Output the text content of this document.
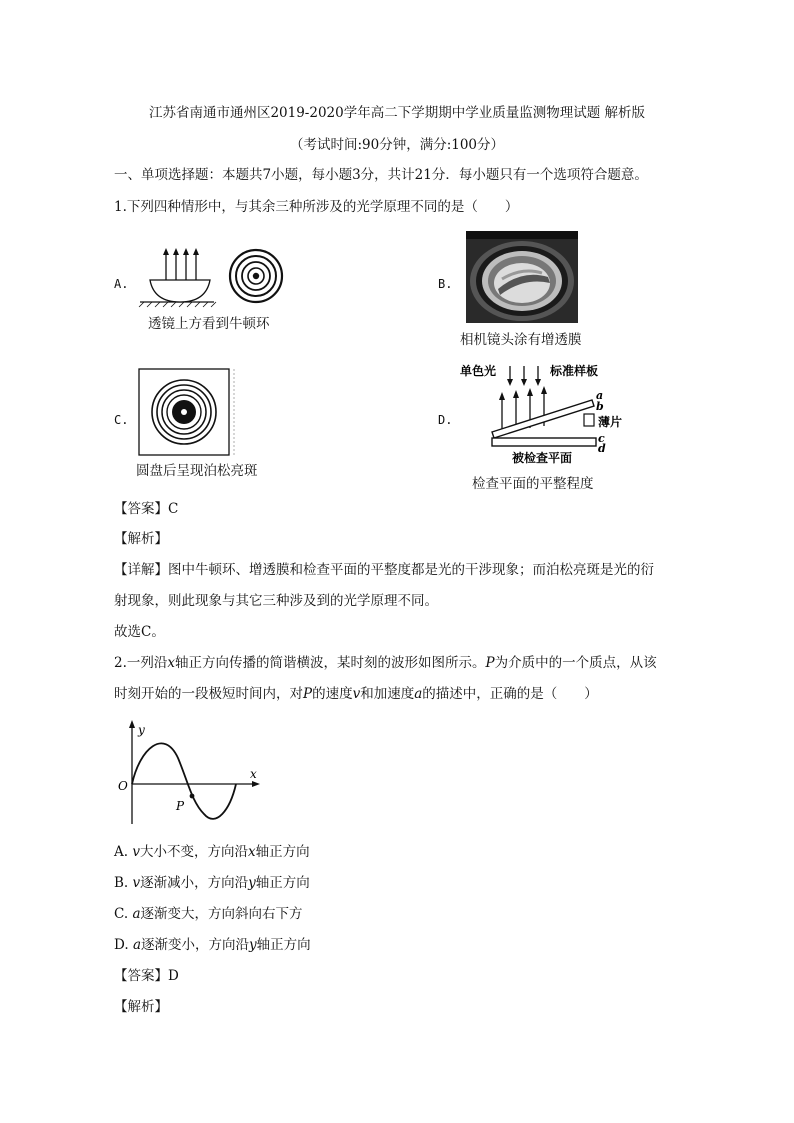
江苏省南通市通州区2019-2020学年高二下学期期中学业质量监测物理试题 解析版
（考试时间:90分钟，满分:100分）
一、单项选择题：本题共7小题，每小题3分，共计21分．每小题只有一个选项符合题意。
1.下列四种情形中，与其余三种所涉及的光学原理不同的是（　　）
A.
透镜上方看到牛顿环
B.
相机镜头涂有增透膜
C.
圆盘后呈现泊松亮斑
D.
单色光	标准样板
a
b
薄片
c
d
被检查平面
检查平面的平整程度
【答案】C
【解析】
【详解】图中牛顿环、增透膜和检查平面的平整度都是光的干涉现象；而泊松亮斑是光的衍
射现象，则此现象与其它三种涉及到的光学原理不同。
故选C。
2.一列沿x轴正方向传播的简谐横波，某时刻的波形如图所示。P为介质中的一个质点，从该
时刻开始的一段极短时间内，对P的速度v和加速度a的描述中，正确的是（　　）
y
x
O
P
A. v大小不变，方向沿x轴正方向
B. v逐渐减小，方向沿y轴正方向
C. a逐渐变大，方向斜向右下方
D. a逐渐变小，方向沿y轴正方向
【答案】D
【解析】
